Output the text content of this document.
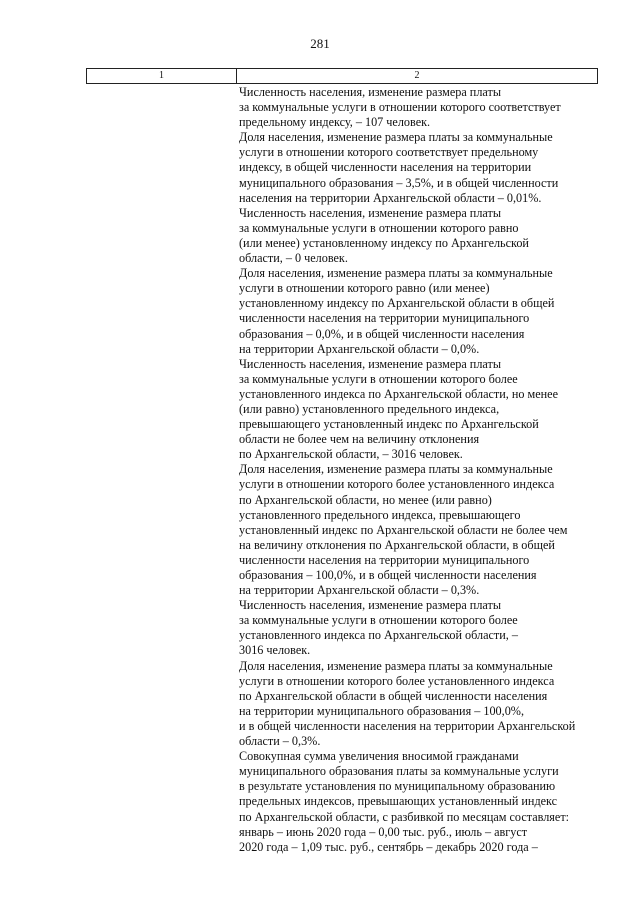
281
1	2
Численность населения, изменение размера платы
за коммунальные услуги в отношении которого соответствует
предельному индексу, – 107 человек.
Доля населения, изменение размера платы за коммунальные
услуги в отношении которого соответствует предельному
индексу, в общей численности населения на территории
муниципального образования – 3,5%, и в общей численности
населения на территории Архангельской области – 0,01%.
Численность населения, изменение размера платы
за коммунальные услуги в отношении которого равно
(или менее) установленному индексу по Архангельской
области, – 0 человек.
Доля населения, изменение размера платы за коммунальные
услуги в отношении которого равно (или менее)
установленному индексу по Архангельской области в общей
численности населения на территории муниципального
образования – 0,0%, и в общей численности населения
на территории Архангельской области – 0,0%.
Численность населения, изменение размера платы
за коммунальные услуги в отношении которого более
установленного индекса по Архангельской области, но менее
(или равно) установленного предельного индекса,
превышающего установленный индекс по Архангельской
области не более чем на величину отклонения
по Архангельской области, – 3016 человек.
Доля населения, изменение размера платы за коммунальные
услуги в отношении которого более установленного индекса
по Архангельской области, но менее (или равно)
установленного предельного индекса, превышающего
установленный индекс по Архангельской области не более чем
на величину отклонения по Архангельской области, в общей
численности населения на территории муниципального
образования – 100,0%, и в общей численности населения
на территории Архангельской области – 0,3%.
Численность населения, изменение размера платы
за коммунальные услуги в отношении которого более
установленного индекса по Архангельской области, –
3016 человек.
Доля населения, изменение размера платы за коммунальные
услуги в отношении которого более установленного индекса
по Архангельской области в общей численности населения
на территории муниципального образования – 100,0%,
и в общей численности населения на территории Архангельской
области – 0,3%.
Совокупная сумма увеличения вносимой гражданами
муниципального образования платы за коммунальные услуги
в результате установления по муниципальному образованию
предельных индексов, превышающих установленный индекс
по Архангельской области, с разбивкой по месяцам составляет:
январь – июнь 2020 года – 0,00 тыс. руб., июль – август
2020 года – 1,09 тыс. руб., сентябрь – декабрь 2020 года –
